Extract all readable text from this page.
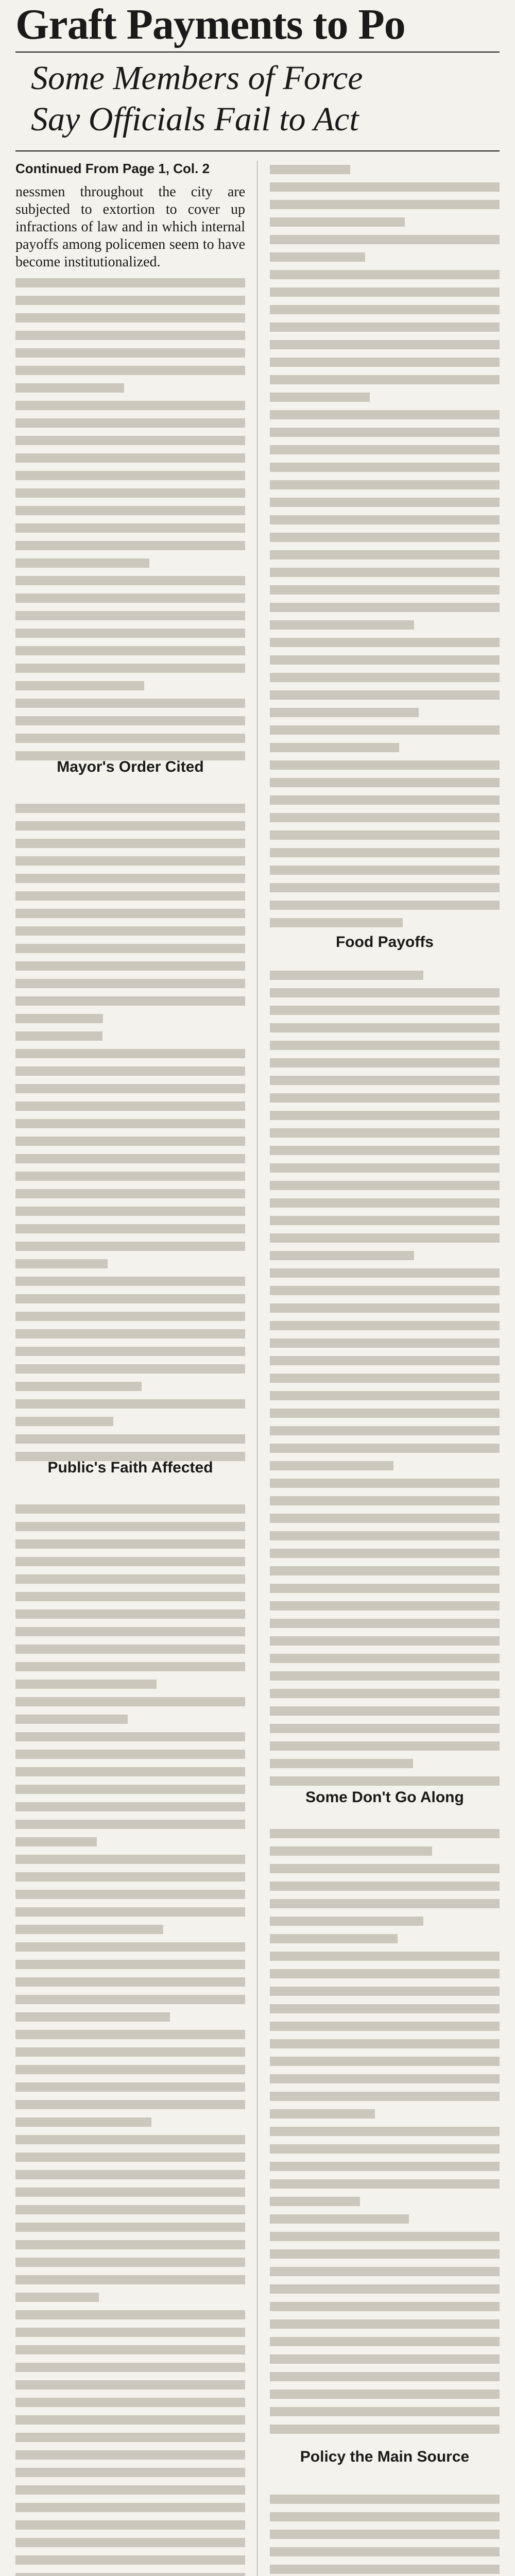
Graft Payments to Po
Some Members of Force
Say Officials Fail to Act
Continued From Page 1, Col. 2
nessmen throughout the city are subjected to extortion to cover up infractions of law and in which internal payoffs among policemen seem to have become institutionalized.
Mayor's Order Cited
Public's Faith Affected
Food Payoffs
Some Don't Go Along
Policy the Main Source
